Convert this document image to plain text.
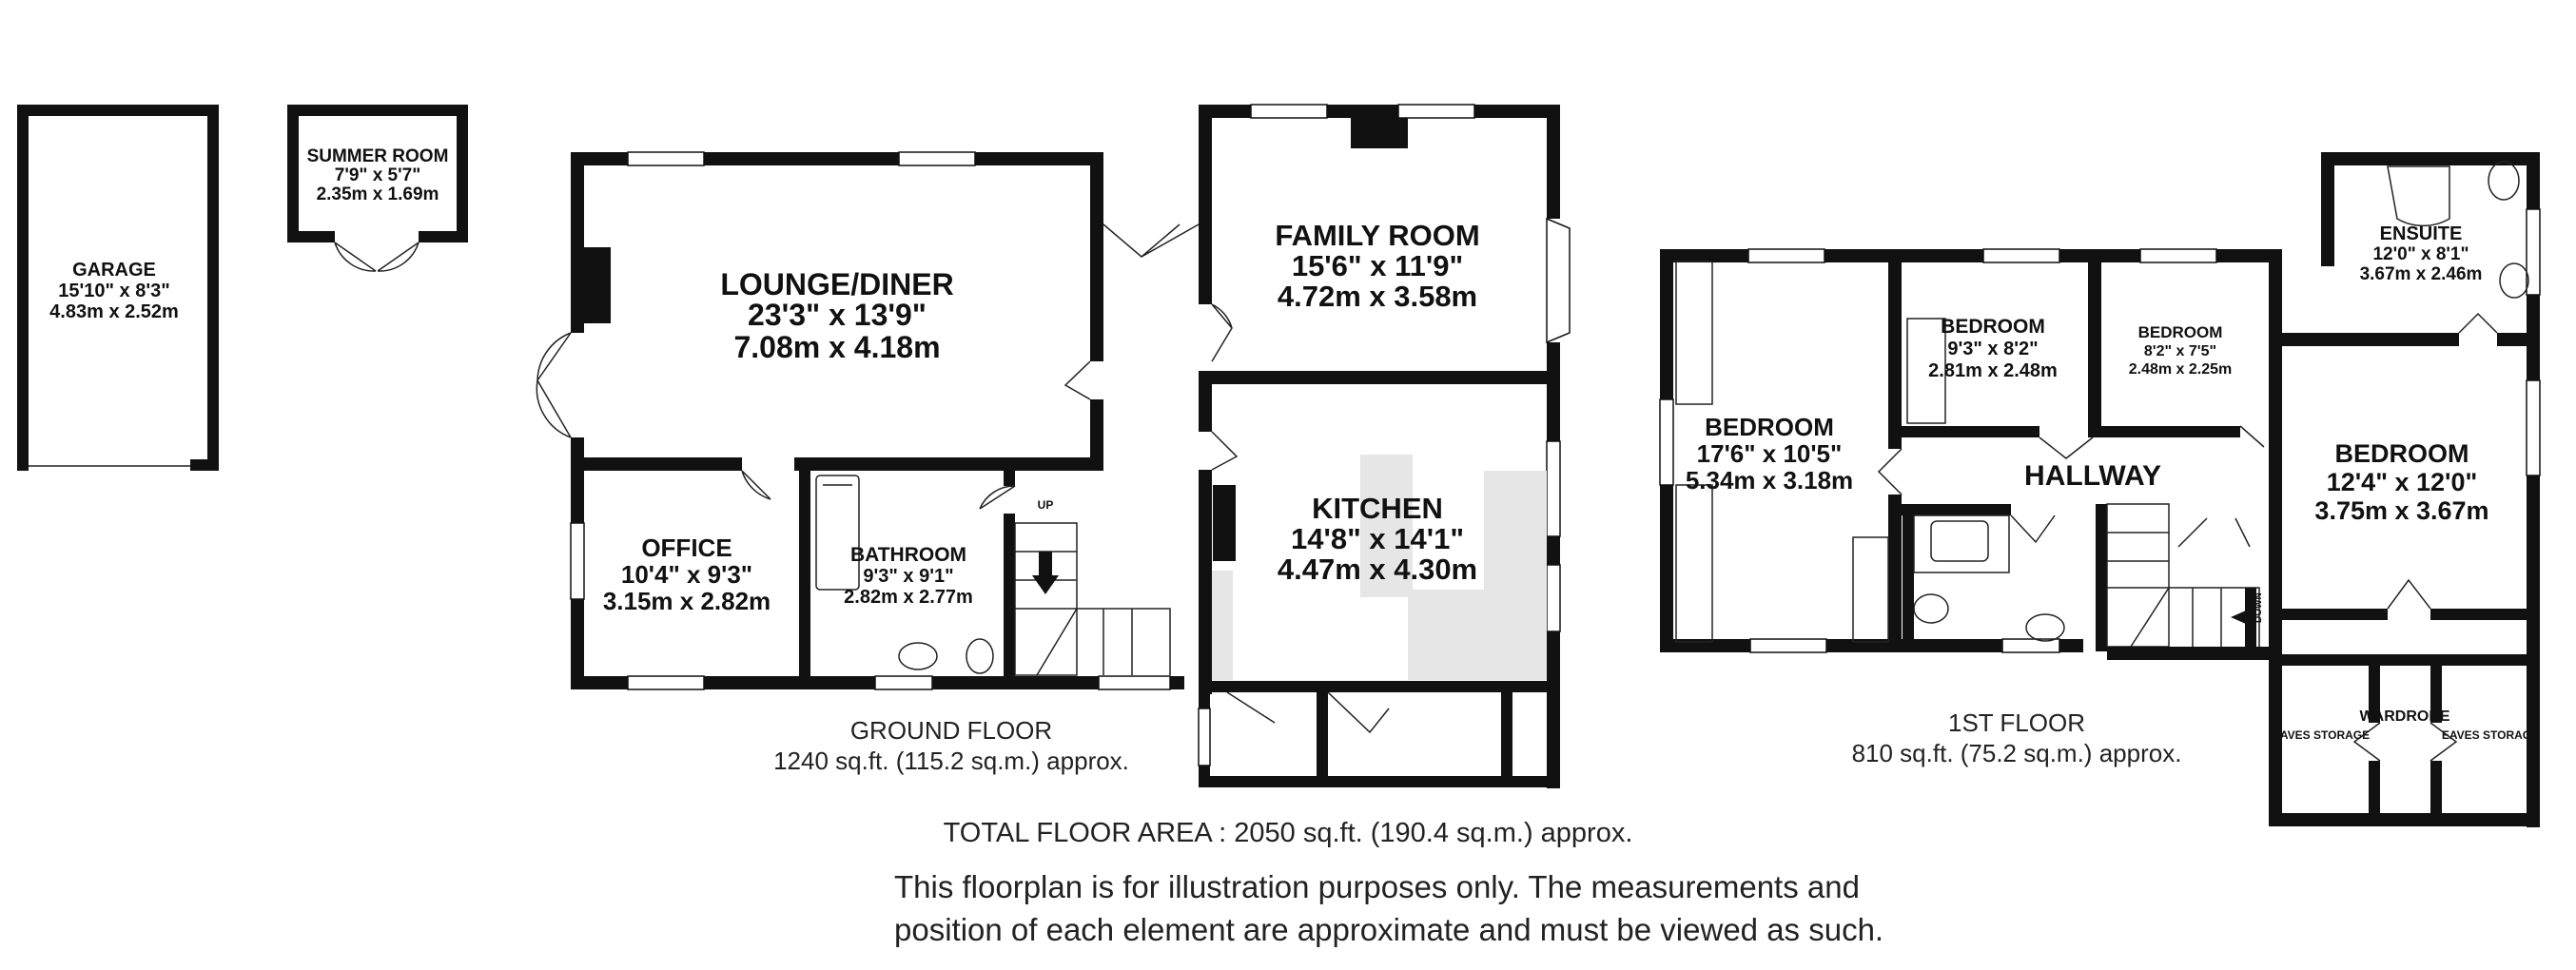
GARAGE
15'10" x 8'3"
4.83m x 2.52m
SUMMER ROOM
7'9" x 5'7"
2.35m x 1.69m
LOUNGE/DINER
23'3" x 13'9"
7.08m x 4.18m
FAMILY ROOM
15'6" x 11'9"
4.72m x 3.58m
KITCHEN
14'8" x 14'1"
4.47m x 4.30m
OFFICE
10'4" x 9'3"
3.15m x 2.82m
BATHROOM
9'3" x 9'1"
2.82m x 2.77m
UP
BEDROOM
17'6" x 10'5"
5.34m x 3.18m
BEDROOM
9'3" x 8'2"
2.81m x 2.48m
BEDROOM
8'2" x 7'5"
2.48m x 2.25m
ENSUITE
12'0" x 8'1"
3.67m x 2.46m
HALLWAY
BEDROOM
12'4" x 12'0"
3.75m x 3.67m
WARDROBE
EAVES STORAGE	EAVES STORAGE
DOWN
GROUND FLOOR
1240 sq.ft. (115.2 sq.m.) approx.
1ST FLOOR
810 sq.ft. (75.2 sq.m.) approx.
TOTAL FLOOR AREA : 2050 sq.ft. (190.4 sq.m.) approx.
This floorplan is for illustration purposes only. The measurements and position of each element are approximate and must be viewed as such.
